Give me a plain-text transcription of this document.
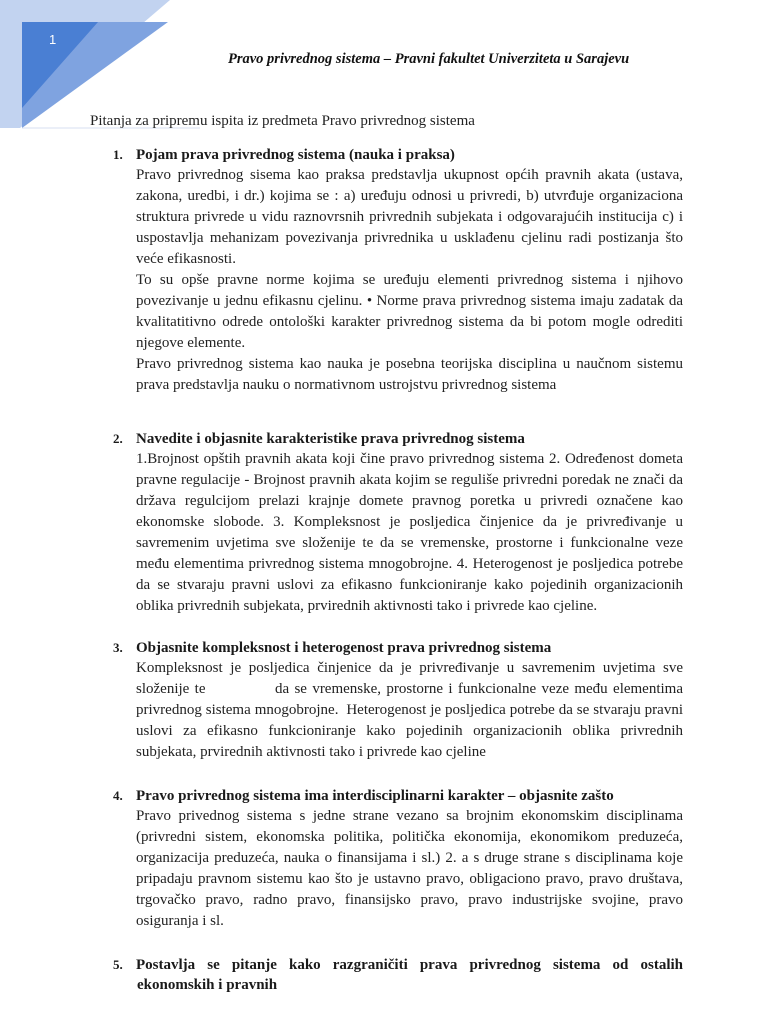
1
Pravo privrednog sistema – Pravni fakultet Univerziteta u Sarajevu
Pitanja za pripremu ispita iz predmeta Pravo privrednog sistema
1. Pojam prava privrednog sistema (nauka i praksa)

Pravo privrednog sisema kao praksa predstavlja ukupnost općih pravnih akata (ustava, zakona, uredbi, i dr.) kojima se : a) uređuju odnosi u privredi, b) utvrđuje organizaciona struktura privrede u vidu raznovrsnih privrednih subjekata i odgovarajućih institucija c) i uspostavlja mehanizam povezivanja privrednika u usklađenu cjelinu radi postizanja što veće efikasnosti.

To su opše pravne norme kojima se uređuju elementi privrednog sistema i njihovo povezivanje u jednu efikasnu cjelinu. • Norme prava privrednog sistema imaju zadatak da kvalitatitivno odrede ontološki karakter privrednog sistema da bi potom mogle odrediti njegove elemente.

Pravo privrednog sistema kao nauka je posebna teorijska disciplina u naučnom sistemu prava predstavlja nauku o normativnom ustrojstvu privrednog sistema

2. Navedite i objasnite karakteristike prava privrednog sistema

1.Brojnost opštih pravnih akata koji čine pravo privrednog sistema 2. Određenost dometa pravne regulacije - Brojnost pravnih akata kojim se reguliše privredni poredak ne znači da država regulcijom prelazi krajnje domete pravnog poretka u privredi označene kao ekonomske slobode. 3. Kompleksnost je posljedica činjenice da je privređivanje u savremenim uvjetima sve složenije te da se vremenske, prostorne i funkcionalne veze među elementima privrednog sistema mnogobrojne. 4. Heterogenost je posljedica potrebe da se stvaraju pravni uslovi za efikasno funkcioniranje kako pojedinih organizacionih oblika privrednih subjekata, prvirednih aktivnosti tako i privrede kao cjeline.

3. Objasnite kompleksnost i heterogenost prava privrednog sistema

Kompleksnost je posljedica činjenice da je privređivanje u savremenim uvjetima sve složenije te             da se vremenske, prostorne i funkcionalne veze među elementima privrednog sistema mnogobrojne.  Heterogenost je posljedica potrebe da se stvaraju pravni uslovi za efikasno funkcioniranje kako pojedinih organizacionih oblika privrednih subjekata, prvirednih aktivnosti tako i privrede kao cjeline

4. Pravo privrednog sistema ima interdisciplinarni karakter – objasnite zašto

Pravo privednog sistema s jedne strane vezano sa brojnim ekonomskim disciplinama (privredni sistem, ekonomska politika, politička ekonomija, ekonomikom preduzeća, organizacija preduzeća, nauka o finansijama i sl.) 2. a s druge strane s disciplinama koje pripadaju pravnom sistemu kao što je ustavno pravo, obligaciono pravo, pravo društava, trgovačko pravo, radno pravo, finansijsko pravo, pravo industrijske svojine, pravo osiguranja i sl.

5. Postavlja se pitanje kako razgraničiti prava privrednog sistema od ostalih
ekonomskih i pravnih
